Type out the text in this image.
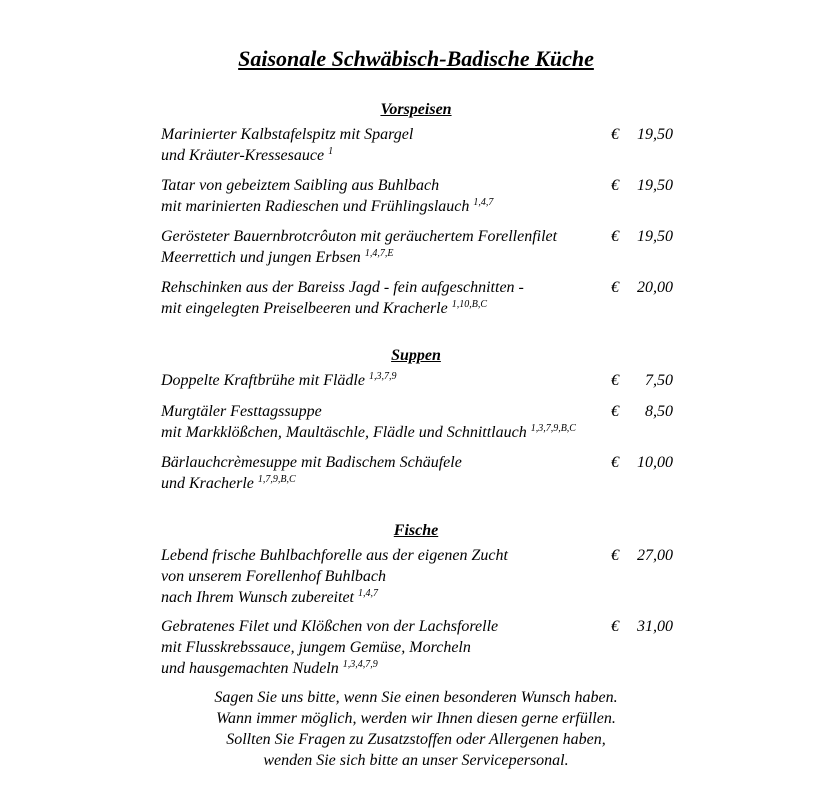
Saisonale Schwäbisch-Badische Küche
Vorspeisen
Marinierter Kalbstafelspitz mit Spargel
und Kräuter-Kressesauce $^1$
€ 19,50
Tatar von gebeiztem Saibling aus Buhlbach
mit marinierten Radieschen und Frühlingslauch $^{1,4,7}$
€ 19,50
Gerösteter Bauernbrotcrôuton mit geräuchertem Forellenfilet
Meerrettich und jungen Erbsen $^{1,4,7,E}$
€ 19,50
Rehschinken aus der Bareiss Jagd - fein aufgeschnitten -
mit eingelegten Preiselbeeren und Kracherle $^{1,10,B,C}$
€ 20,00
Suppen
Doppelte Kraftbrühe mit Flädle $^{1,3,7,9}$	€ 7,50
Murgtäler Festtagssuppe
mit Markklößchen, Maultäschle, Flädle und Schnittlauch $^{1,3,7,9,B,C}$
€ 8,50
Bärlauchcrèmesuppe mit Badischem Schäufele
und Kracherle $^{1,7,9,B,C}$
€ 10,00
Fische
Lebend frische Buhlbachforelle aus der eigenen Zucht
von unserem Forellenhof Buhlbach
nach Ihrem Wunsch zubereitet $^{1,4,7}$
€ 27,00
Gebratenes Filet und Klößchen von der Lachsforelle
mit Flusskrebssauce, jungem Gemüse, Morcheln
und hausgemachten Nudeln $^{1,3,4,7,9}$
€ 31,00
Sagen Sie uns bitte, wenn Sie einen besonderen Wunsch haben.
Wann immer möglich, werden wir Ihnen diesen gerne erfüllen.
Sollten Sie Fragen zu Zusatzstoffen oder Allergenen haben,
wenden Sie sich bitte an unser Servicepersonal.
